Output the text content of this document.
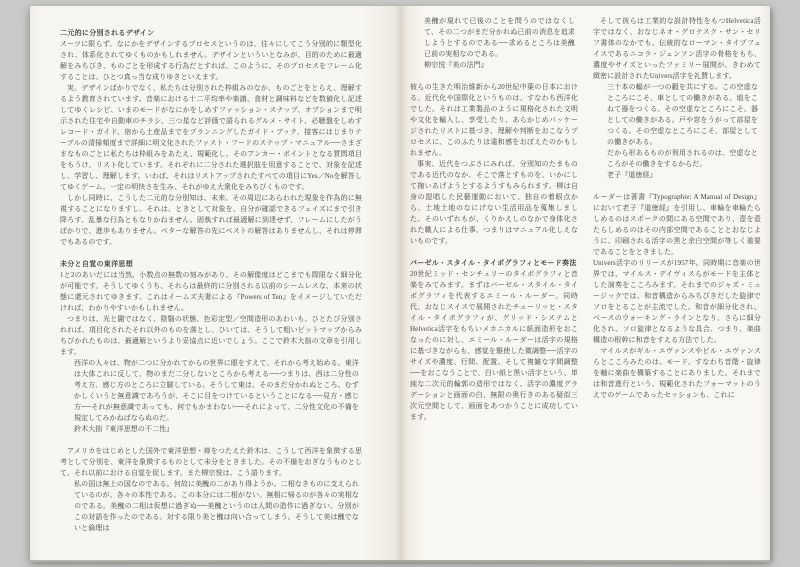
二元的に分別されるデザイン

スーツに限らず、なにかをデザインするプロセスというのは、往々にしてこう分別的に類型化され、体系化されてゆくものかもしれません。デザインといういとなみが、目的のために最適解をみちびき、ものごとを形成する行為だとすれば、このように、そのプロセスをフレーム化することは、ひとつ真っ当な成りゆきといえます。

実、デザインばかりでなく、私たちは分別された枠組みのなか、ものごとをとらえ、理解するよう教育されています。音楽における十二平均率や楽譜、食材と調味料などを数値化し記述してゆくレシピ、いまのモードがなにかをしめすファッション・スナップ、オプションまで明示された住宅や自動車のチラシ、三つ星など評価で語られるグルメ・サイト、必聴盤をしめすレコード・ガイド、宿から土産品までをプランニングしたガイド・ブック、接客にはじまりテーブルの清掃頻度まで詳細に明文化されたファスト・フードのステップ・マニュアル──さまざまなものごとに私たちは枠組みをあたえ、規範化し、そのアンカー・ポイントとなる質問項目をもうけ、リスト化しています。それぞれに二分された選択肢を用意することで、対象を記述し、学習し、理解します。いわば、それはリストアップされたすべての項目にYes／Noを解答してゆくゲーム。一定の明快さを生み、それがゆえ大衆化をみちびくものです。

しかし同時に、こうした二元的な分別知は、未来、その周辺にあらわれた現象を作為的に無視することになりますし、それは、ときとして対象を、自分が確認できるフェイズにまで引き降ろす、乱暴な行為ともなりかねません。固執すれば最適解に到達せず、フレームにしたがうばかりで、進歩もありません。ベターな解答の先にベストの解答はありませんし、それは停滞でもあるのです。

未分と自覚の東洋思想

1と2のあいだには当然、小数点の無数の刻みがあり、その解像度はどこまでも際限なく細分化が可能です。そうしてゆくうち、それらは最終的に分別される以前のシームレスな、本来の状態に還元されてゆきます。これはイームズ夫妻による『Powers of Ten』をイメージしていただければ、わかりやすいかもしれません。

つまりは、光と闇ではなく、陰翳の状態、色彩定型／空間造形のあわいも、ひとたび分別されれば、項目化されたそれ以外のものを落とし、ひいては、そうして粗いビットマップからみちびかれたものは、最適解というより妥協点に近いでしょう。ここで鈴木大拙の文章を引用します。

西洋の人々は、物が二つに分かれてからの世界に眼をすえて、それから考え始める。東洋は大体これに反して、物のまだ二分しないところから考える──つまりは、西は二分性の考え方、感じ方のところに立脚している。そうして東は、そのまだ分かれぬところ、むずかしくいうと無意識であろうが、そこに目をつけているということになる──見方・感じ方──それが無意識であっても、何でもかまわない──それによって、二分性文化の不備を規定してみかねばならぬのだ。

鈴木大拙『東洋思想の不二性』

アメリカをはじめとした国外で東洋思想・禅をつたえた鈴木は、こうして西洋を象徴する思考として分別を、東洋を象徴するものとして未分をときました。その不備をおぎなうものとして、それ以前における自覚を促します。また柳宗悦は、こう語ります。

私の国は無上の国なのである。何故に美醜の二があり得ようか。二相なきものに支えられているのが、各々の本性である。この本分には二相がない。無相に帰るのが各々の実相なのである。美醜の二相は仮想に過ぎぬ──美醜というのは人間の造作に過ぎない、分別がこの対語を作ったのである。対する限り美と醜は向い合ってしまう。そうして美は醜でないと倫理は

美醜が現れて已後のことを問うのではなくして、その二つがまだ分かれぬ已前の消息を追求しようとするのである──求めるところは美醜已前の実相なのである。

柳宗悦『美の法門』

彼らの生きた明治維新から20世紀中葉の日本における、近代化や国際化というものは、すなわち西洋化でした。それは工業製品のように規格化された文明や文化を輸入し、享受したり、あらかじめパッケージされたリストに基づき、理解や判断をおこなうプロセスに、このふたりは違和感をおぼえたのかもしれません。

事実、近代をつぶさにみれば、分別知のたまものである近代のなか、そこで落とすものを、いかにして掬いあげようとするようすもみられます。柳は自身の提唱した民藝運動において、独自の着眼点から、土地土地のなにげない生活用品を蒐集しました。そのいずれもが、くりかえしのなかで身体化された職人による仕事、つまりはマニュアル化しえないものです。

バーゼル・スタイル・タイポグラフィとモード奏法

20世紀ミッド・センチュリーのタイポグラフィと音楽をみてみます。まずはバーゼル・スタイル・タイポグラフィを代表するエミール・ルーダー。同時代、おなじスイスで展開されたチューリッヒ・スタイル・タイポグラフィが、グリッド・システムとHelvetica活字をもちいメカニカルに紙面造形をおこなったのに対し、エミール・ルーダーは活字の規格に基づきながらも、感覚を駆使した微調整──活字のサイズや濃度、行間、配置、そして複雑な字間調整──をおこなうことで、白い紙と黒い活字という、単純な二次元的輪郭の造形ではなく、活字の濃度グラデーションと画面の白、無限の奥行きのある疑似三次元空間として、画面をあつかうことに成功しています。

そして彼らは工業的な設計特性をもつHelvetica活字ではなく、おなじネオ・グロテスク・サン・セリフ書体のなかでも、伝統的なローマン・タイプフェイスであるニコラ・ジェンソン活字の骨格をもち、濃度やサイズといったファミリー展開が、きわめて緻密に設計されたUnivers活字を礼賛します。

三十本の輻が一つの轂を共にする。この空虚なところにこそ、車としての働きがある。埴をこねて器をつくる。その空虚なところにこそ、器としての働きがある。戸や窓をうがって部屋をつくる。その空虚なところにこそ、部屋としての働きがある。

だから形あるものが利用されるのは、空虚なところがその働きをするからだ。

老子『道徳経』

ルーダーは著書『Typographie: A Manual of Design』において老子『道徳経』を引用し、車輪を車輪たらしめるのはスポークの間にある空間であり、壺を壺たらしめるのはその内部空間であることとおなじように、印刷される活字の黒と余白空間が等しく重要であることをときました。

Univers活字のリリースが1957年。同時期に音楽の世界では、マイルス・デイヴィスらがモードを主体とした演奏をこころみます。それまでのジャズ・ミュージックでは、和音構造からみちびきだした旋律でソロをとることが主流でした。和音が細分化され、ベースのウォーキング・ラインとなり、さらに細分化され、ソロ旋律となるような具合、つまり、楽曲構造の根幹に和音をすえる方法でした。

マイルスがギル・エヴァンスやビル・エヴァンスらとこころみたのは、モード、すなわち音階・旋律を軸に楽曲を構築することにありました。それまでは和音進行という、規範化されたフォーマットのうえでのゲームであったセッションも、これに
